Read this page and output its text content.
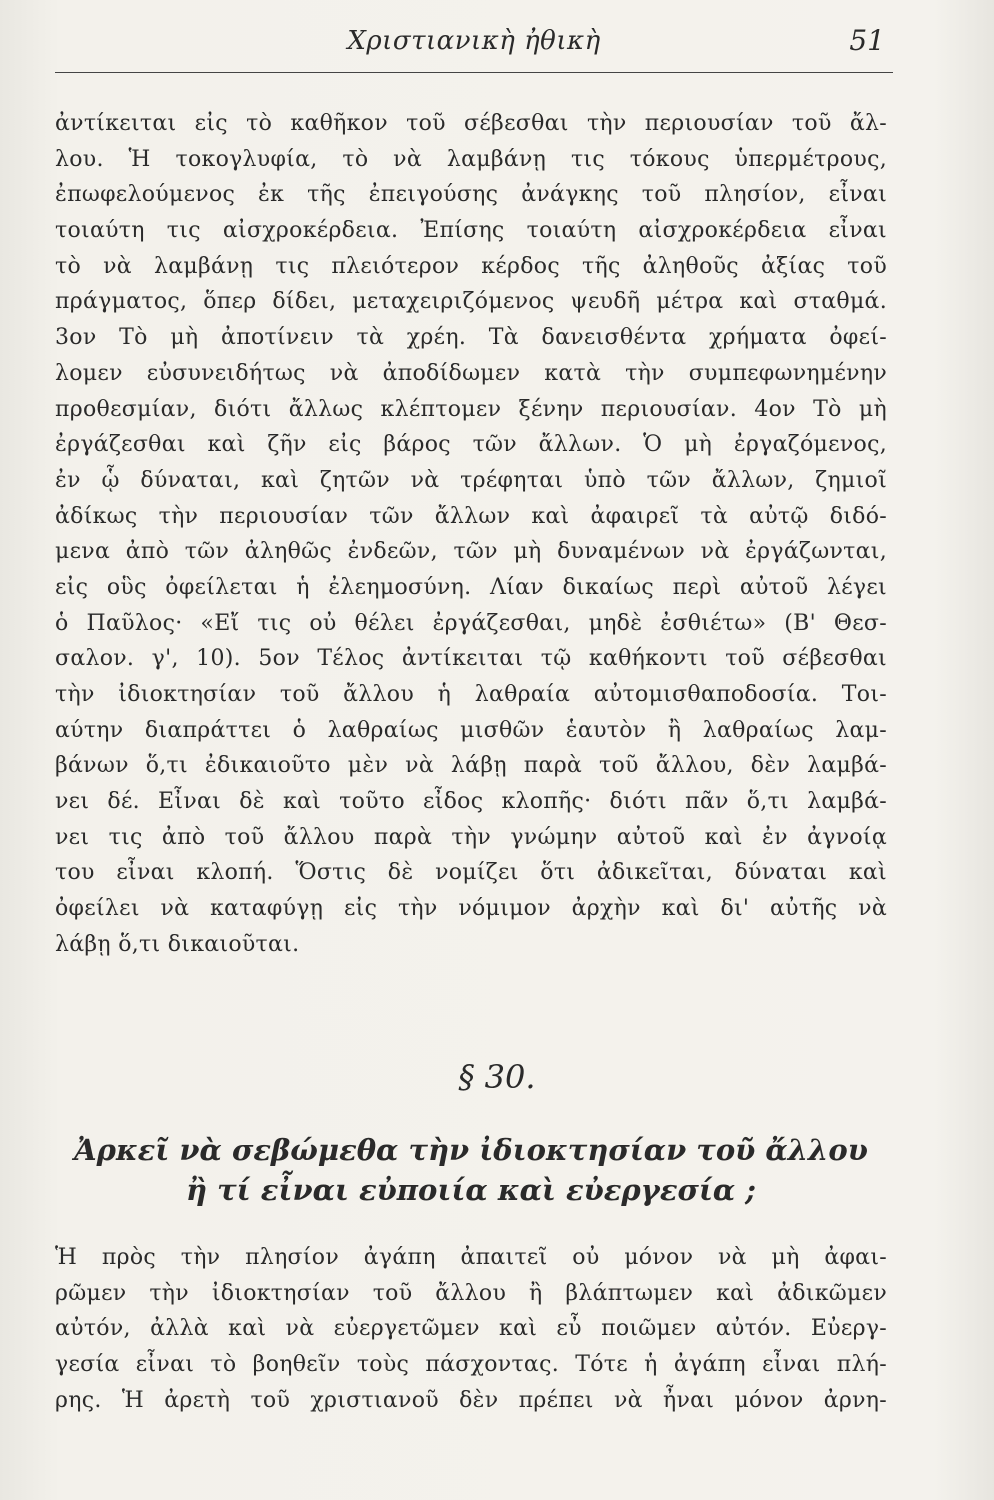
Χριστιανικὴ ἠθικὴ	51
ἀντίκειται εἰς τὸ καθῆκον τοῦ σέβεσθαι τὴν περιουσίαν τοῦ ἄλ-
λου. Ἡ τοκογλυφία, τὸ νὰ λαμβάνῃ τις τόκους ὑπερμέτρους,
ἐπωφελούμενος ἐκ τῆς ἐπειγούσης ἀνάγκης τοῦ πλησίον, εἶναι
τοιαύτη τις αἰσχροκέρδεια. Ἐπίσης τοιαύτη αἰσχροκέρδεια εἶναι
τὸ νὰ λαμβάνῃ τις πλειότερον κέρδος τῆς ἀληθοῦς ἀξίας τοῦ
πράγματος, ὅπερ δίδει, μεταχειριζόμενος ψευδῆ μέτρα καὶ σταθμά.
3ον Τὸ μὴ ἀποτίνειν τὰ χρέη. Τὰ δανεισθέντα χρήματα ὀφεί-
λομεν εὐσυνειδήτως νὰ ἀποδίδωμεν κατὰ τὴν συμπεφωνημένην
προθεσμίαν, διότι ἄλλως κλέπτομεν ξένην περιουσίαν. 4ον Τὸ μὴ
ἐργάζεσθαι καὶ ζῆν εἰς βάρος τῶν ἄλλων. Ὁ μὴ ἐργαζόμενος,
ἐν ᾧ δύναται, καὶ ζητῶν νὰ τρέφηται ὑπὸ τῶν ἄλλων, ζημιοῖ
ἀδίκως τὴν περιουσίαν τῶν ἄλλων καὶ ἀφαιρεῖ τὰ αὐτῷ διδό-
μενα ἀπὸ τῶν ἀληθῶς ἐνδεῶν, τῶν μὴ δυναμένων νὰ ἐργάζωνται,
εἰς οὓς ὀφείλεται ἡ ἐλεημοσύνη. Λίαν δικαίως περὶ αὐτοῦ λέγει
ὁ Παῦλος· «Εἴ τις οὐ θέλει ἐργάζεσθαι, μηδὲ ἐσθιέτω» (Β' Θεσ-
σαλον. γ', 10). 5ον Τέλος ἀντίκειται τῷ καθήκοντι τοῦ σέβεσθαι
τὴν ἰδιοκτησίαν τοῦ ἄλλου ἡ λαθραία αὐτομισθαποδοσία. Τοι-
αύτην διαπράττει ὁ λαθραίως μισθῶν ἑαυτὸν ἢ λαθραίως λαμ-
βάνων ὅ,τι ἐδικαιοῦτο μὲν νὰ λάβῃ παρὰ τοῦ ἄλλου, δὲν λαμβά-
νει δέ. Εἶναι δὲ καὶ τοῦτο εἶδος κλοπῆς· διότι πᾶν ὅ,τι λαμβά-
νει τις ἀπὸ τοῦ ἄλλου παρὰ τὴν γνώμην αὐτοῦ καὶ ἐν ἀγνοίᾳ
του εἶναι κλοπή. Ὅστις δὲ νομίζει ὅτι ἀδικεῖται, δύναται καὶ
ὀφείλει νὰ καταφύγῃ εἰς τὴν νόμιμον ἀρχὴν καὶ δι' αὐτῆς νὰ
λάβῃ ὅ,τι δικαιοῦται.
§ 30.
Ἀρκεῖ νὰ σεβώμεθα τὴν ἰδιοκτησίαν τοῦ ἄλλου
ἢ τί εἶναι εὐποιία καὶ εὐεργεσία ;
Ἡ πρὸς τὴν πλησίον ἀγάπη ἀπαιτεῖ οὐ μόνον νὰ μὴ ἀφαι-
ρῶμεν τὴν ἰδιοκτησίαν τοῦ ἄλλου ἢ βλάπτωμεν καὶ ἀδικῶμεν
αὐτόν, ἀλλὰ καὶ νὰ εὐεργετῶμεν καὶ εὖ ποιῶμεν αὐτόν. Εὐεργ-
γεσία εἶναι τὸ βοηθεῖν τοὺς πάσχοντας. Τότε ἡ ἀγάπη εἶναι πλή-
ρης. Ἡ ἀρετὴ τοῦ χριστιανοῦ δὲν πρέπει νὰ ἦναι μόνον ἀρνη-
